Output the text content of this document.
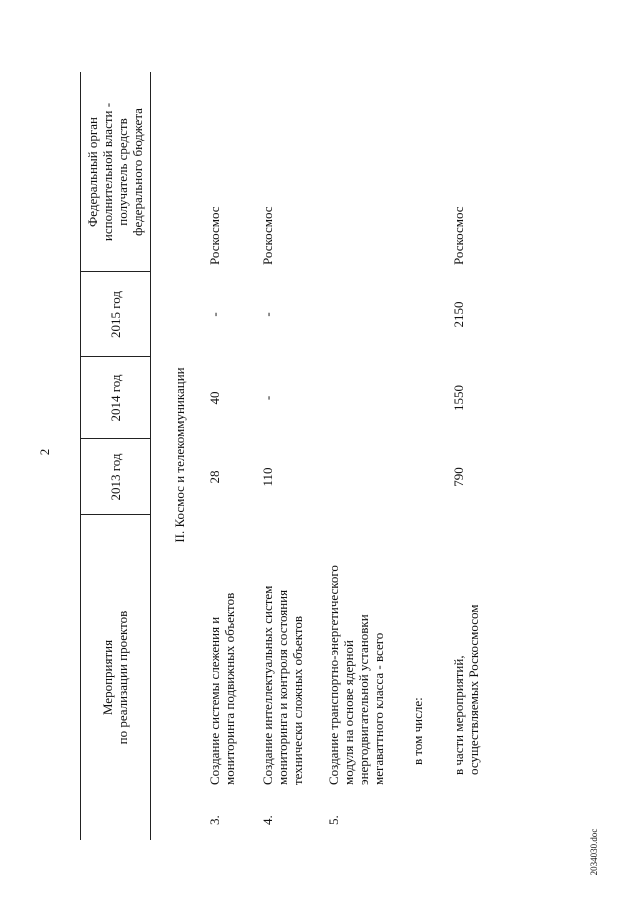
2
2034030.doc
Мероприятия по реализации проектов
2013 год
2014 год
2015 год
Федеральный орган исполнительной власти - получатель средств федерального бюджета
II. Космос и телекоммуникации
3.
Создание системы слежения и мониторинга подвижных объектов
28
40
-
Роскосмос
4.
Создание интеллектуальных систем мониторинга и контроля состояния технически сложных объектов
110
-
-
Роскосмос
5.
Создание транспортно-энергетического модуля на основе ядерной энергодвигательной установки мегаваттного класса - всего в том числе: в части мероприятий, осуществляемых Роскосмосом
790
1550
2150
Роскосмос
